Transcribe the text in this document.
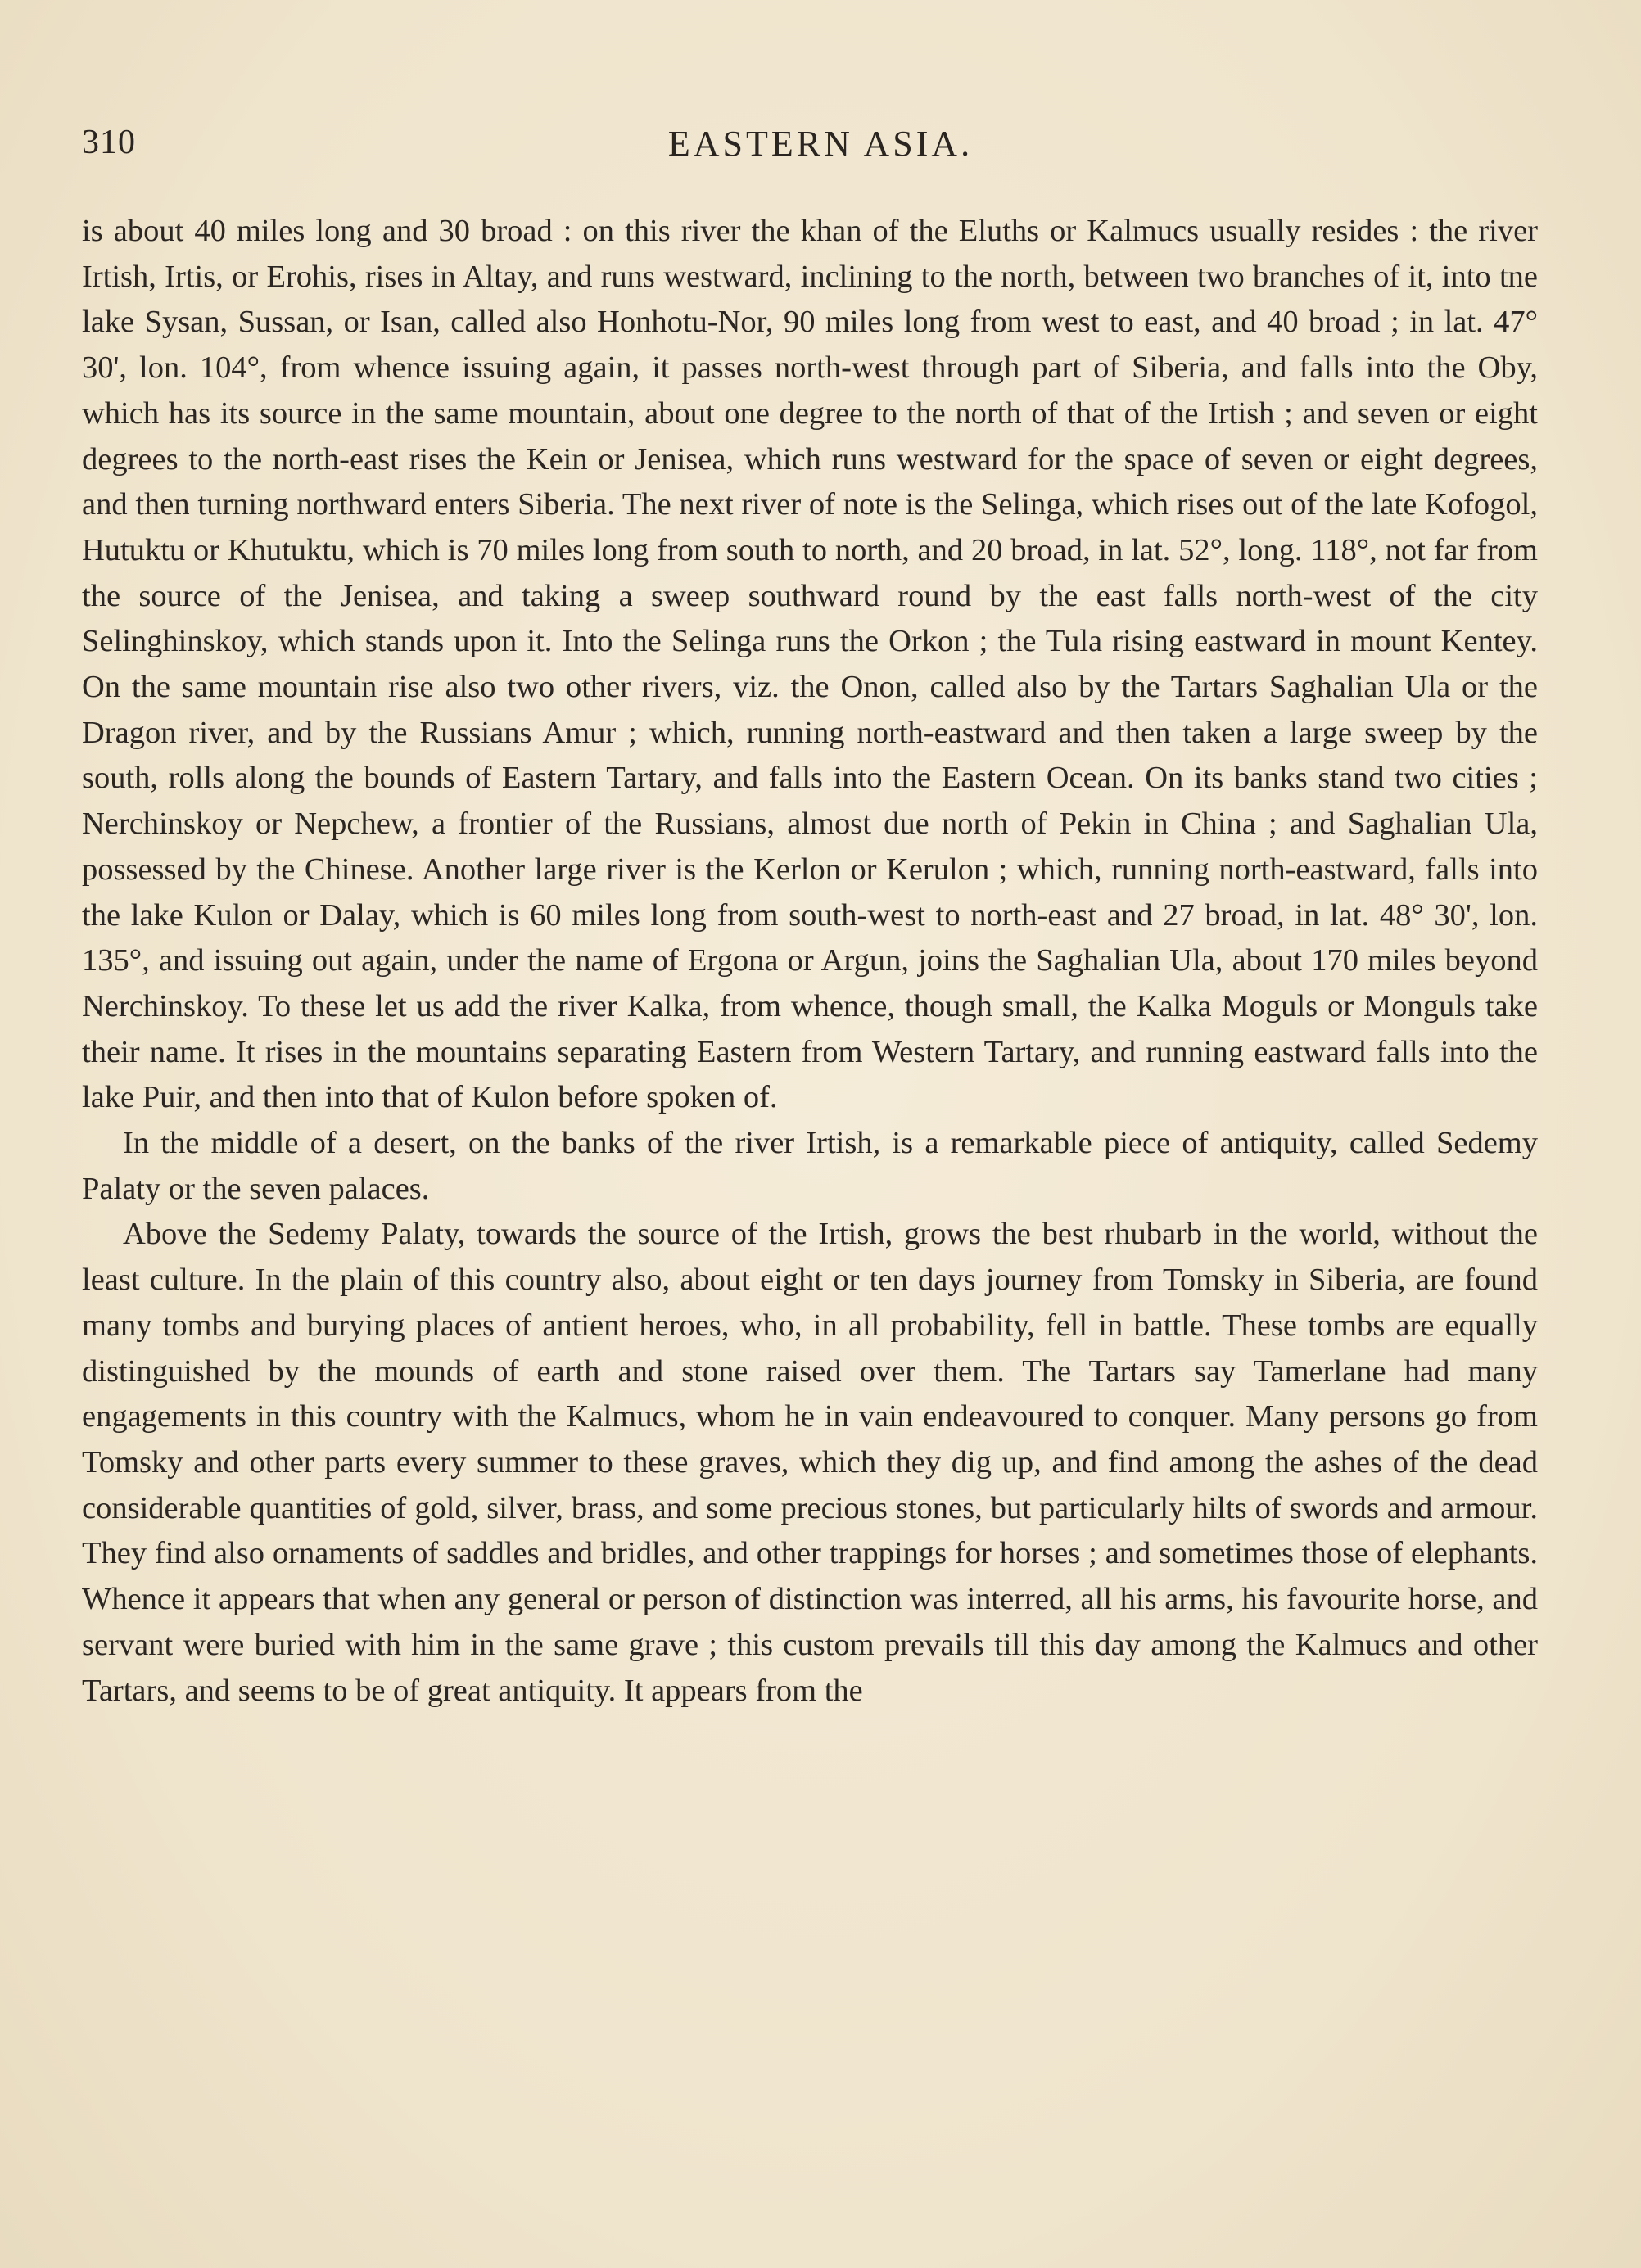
310	EASTERN ASIA.

is about 40 miles long and 30 broad : on this river the khan of the Eluths or Kalmucs usually resides : the river Irtish, Irtis, or Erohis, rises in Altay, and runs westward, inclining to the north, between two branches of it, into tne lake Sysan, Sussan, or Isan, called also Honhotu-Nor, 90 miles long from west to east, and 40 broad ; in lat. 47° 30', lon. 104°, from whence issuing again, it passes north-west through part of Siberia, and falls into the Oby, which has its source in the same mountain, about one degree to the north of that of the Irtish ; and seven or eight degrees to the north-east rises the Kein or Jenisea, which runs westward for the space of seven or eight degrees, and then turning northward enters Siberia. The next river of note is the Selinga, which rises out of the late Kofogol, Hutuktu or Khutuktu, which is 70 miles long from south to north, and 20 broad, in lat. 52°, long. 118°, not far from the source of the Jenisea, and taking a sweep southward round by the east falls north-west of the city Selinghinskoy, which stands upon it. Into the Selinga runs the Orkon ; the Tula rising eastward in mount Kentey. On the same mountain rise also two other rivers, viz. the Onon, called also by the Tartars Saghalian Ula or the Dragon river, and by the Russians Amur ; which, running north-eastward and then taken a large sweep by the south, rolls along the bounds of Eastern Tartary, and falls into the Eastern Ocean. On its banks stand two cities ; Nerchinskoy or Nepchew, a frontier of the Russians, almost due north of Pekin in China ; and Saghalian Ula, possessed by the Chinese. Another large river is the Kerlon or Kerulon ; which, running north-eastward, falls into the lake Kulon or Dalay, which is 60 miles long from south-west to north-east and 27 broad, in lat. 48° 30', lon. 135°, and issuing out again, under the name of Ergona or Argun, joins the Saghalian Ula, about 170 miles beyond Nerchinskoy. To these let us add the river Kalka, from whence, though small, the Kalka Moguls or Monguls take their name. It rises in the mountains separating Eastern from Western Tartary, and running eastward falls into the lake Puir, and then into that of Kulon before spoken of.

In the middle of a desert, on the banks of the river Irtish, is a remarkable piece of antiquity, called Sedemy Palaty or the seven palaces.

Above the Sedemy Palaty, towards the source of the Irtish, grows the best rhubarb in the world, without the least culture. In the plain of this country also, about eight or ten days journey from Tomsky in Siberia, are found many tombs and burying places of antient heroes, who, in all probability, fell in battle. These tombs are equally distinguished by the mounds of earth and stone raised over them. The Tartars say Tamerlane had many engagements in this country with the Kalmucs, whom he in vain endeavoured to conquer. Many persons go from Tomsky and other parts every summer to these graves, which they dig up, and find among the ashes of the dead considerable quantities of gold, silver, brass, and some precious stones, but particularly hilts of swords and armour. They find also ornaments of saddles and bridles, and other trappings for horses ; and sometimes those of elephants. Whence it appears that when any general or person of distinction was interred, all his arms, his favourite horse, and servant were buried with him in the same grave ; this custom prevails till this day among the Kalmucs and other Tartars, and seems to be of great antiquity. It appears from the
